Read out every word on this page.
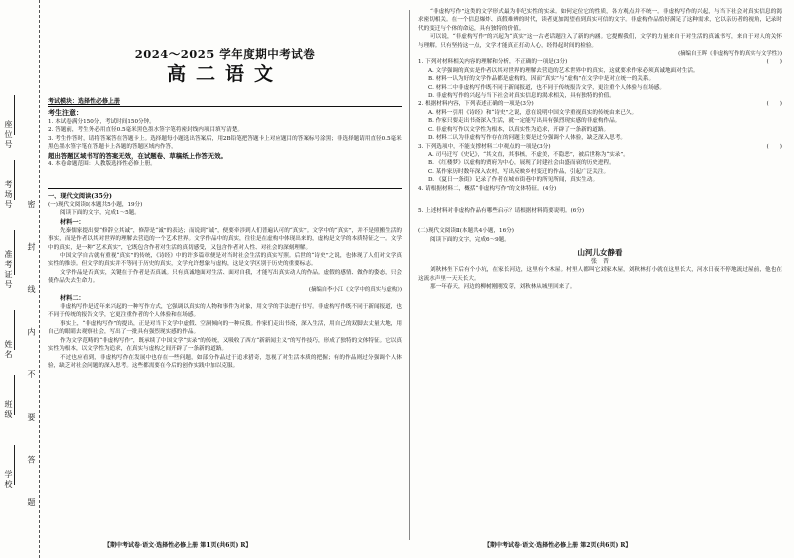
座位号
考场号
准考证号
姓名
班级
学校 密 封 线 内 不 要 答 题
2024～2025 学年度期中考试卷
高二语文
考试模块：选择性必修上册
考生注意：

1. 本试卷满分150分，考试时间150分钟。

2. 答题前，考生务必用直径0.5毫米黑色墨水签字笔将密封线内项目填写清楚。

3. 考生作答时，请将答案答在答题卡上。选择题每小题选出答案后，用2B铅笔把答题卡上对应题目的答案标号涂黑；非选择题请用直径0.5毫米黑色墨水签字笔在答题卡上各题的答题区域内作答，

超出答题区域书写的答案无效，在试题卷、草稿纸上作答无效。

4. 本卷命题范围：人教版选择性必修上册。

一、现代文阅读(35分)
(一)现代文阅读Ⅰ(本题共5小题，19分)
阅读下面的文字，完成1～5题。
材料一：

先秦儒家提出要“修辞立其诚”，修辞是“诚”的表达；而说到“诚”，便要牵涉到人们普遍认可的“真实”。文学中的“真实”，并不是照搬生活的事实，而是作者以其对世界的理解去营造的一个艺术世界。文学作品中的真实，往往是在虚构中体现出来的，虚构是文学的本质特征之一。文学中的真实，是一种“艺术真实”，它既包含作者对生活的真切感受，又包含作者对人性、对社会的深刻理解。

中国文学自古就有重视“真实”的传统，《诗经》中的许多篇章便是对当时社会生活的真实写照。后世的“诗史”之说，也体现了人们对文学真实性的推崇。但文学的真实并不等同于历史的真实，文学允许想象与虚构，这是文学区别于历史的重要标志。

文学作品是否真实，关键在于作者是否真诚。只有真诚地面对生活、面对自我，才能写出真实动人的作品。虚假的感情、做作的姿态，只会使作品失去生命力。

(摘编自李小江《文学中的真实与虚构》)
材料二：

非虚构写作是近年来兴起的一种写作方式，它强调以真实的人物和事件为对象，用文学的手法进行书写。非虚构写作既不同于新闻报道，也不同于传统的报告文学，它更注重作者的个人体验和在场感。

事实上，“非虚构写作”的提出，正是对当下文学中虚假、空洞倾向的一种反拨。作家们走出书斋，深入生活，用自己的双脚去丈量大地，用自己的眼睛去观察社会，写出了一批具有强烈现实感的作品。

作为文学范畴的“非虚构写作”，既承续了中国文学“实录”的传统，又吸收了西方“新新闻主义”的写作技巧，形成了独特的文体特征。它以真实性为根本，以文学性为追求，在真实与虚构之间开辟了一条新的道路。

不过也应看到，非虚构写作在发展中也存在一些问题，如部分作品过于追求猎奇，忽视了对生活本质的把握；有的作品则过分强调个人体验，缺乏对社会问题的深入思考。这些都需要在今后的创作实践中加以克服。

【期中考试卷·语文·选择性必修上册 第1页(共6页) R】

“非虚构写作”这类的文学形式最为非纪实性的实录。如何定位它的性质，各方观点并不统一。非虚构写作的兴起，与当下社会对真实信息的渴求密切相关。在一个信息爆炸、真假难辨的时代，读者更加渴望看到真实可信的文字。非虚构作品恰好满足了这种需求，它以亲历者的视角，记录时代的变迁与个体的命运，具有独特的价值。

可以说，“非虚构写作”的兴起为“真实”这一古老话题注入了新的内涵。它提醒我们，文学的力量来自于对生活的真诚书写，来自于对人的关怀与理解。只有坚持这一点，文学才能真正打动人心，经得起时间的检验。

(摘编自王晖《非虚构写作的真实与文学性》)
1. 下列对材料相关内容的理解和分析，不正确的一项是(3分)	(　　)
A. 文学强调的真实是作者以其对世界的理解去营造的艺术世界中的真实，这就要求作家必须真诚地面对生活。
B. 材料一认为好的文学作品都是虚构的，因而“真实”与“虚构”在文学中是对立统一的关系。
C. 材料二中非虚构写作既不同于新闻报道，也不同于传统报告文学，更注重个人体验与在场感。
D. 非虚构写作的兴起与当下社会对真实信息的渴求相关，具有独特的价值。
2. 根据材料内容，下列表述正确的一项是(3分)	(　　)
A. 材料一引用《诗经》和“诗史”之说，意在说明中国文学重视真实的传统由来已久。
B. 作家只要走出书斋深入生活，就一定能写出具有强烈现实感的非虚构作品。
C. 非虚构写作以文学性为根本，以真实性为追求，开辟了一条新的道路。
D. 材料二认为非虚构写作存在的问题主要是过分强调个人体验，缺乏深入思考。
3. 下列选项中，不能支撑材料二中观点的一项是(3分)	(　　)
A. 司马迁写《史记》，“其文直，其事核，不虚美，不隐恶”，被后世称为“实录”。
B. 《红楼梦》以虚构的贾府为中心，展现了封建社会由盛而衰的历史进程。
C. 某作家历时数年深入农村，写出反映乡村变迁的作品，引起广泛关注。
D. 《夏日一条街》记录了作者在城市街巷中的所见所闻，真实生动。
4. 请根据材料二，概括“非虚构写作”的文体特征。(4分)
5. 上述材料对非虚构作品有哪些启示？请根据材料简要说明。(6分)
(二)现代文阅读Ⅱ(本题共4小题，16分)
阅读下面的文字，完成6～9题。
山河儿女静看
张　晋

刘秋林坐下后有个小坑，在家长河边，这里有个木屋。村里人都叫它刘家木屋，刘秋林打小就在这里长大，河水日夜不停地流过屋前，他也在这流水声里一天天长大。

那一年春天，河边的柳树刚刚发芽，刘秋林从城里回来了。

【期中考试卷·语文·选择性必修上册 第2页(共6页) R】
